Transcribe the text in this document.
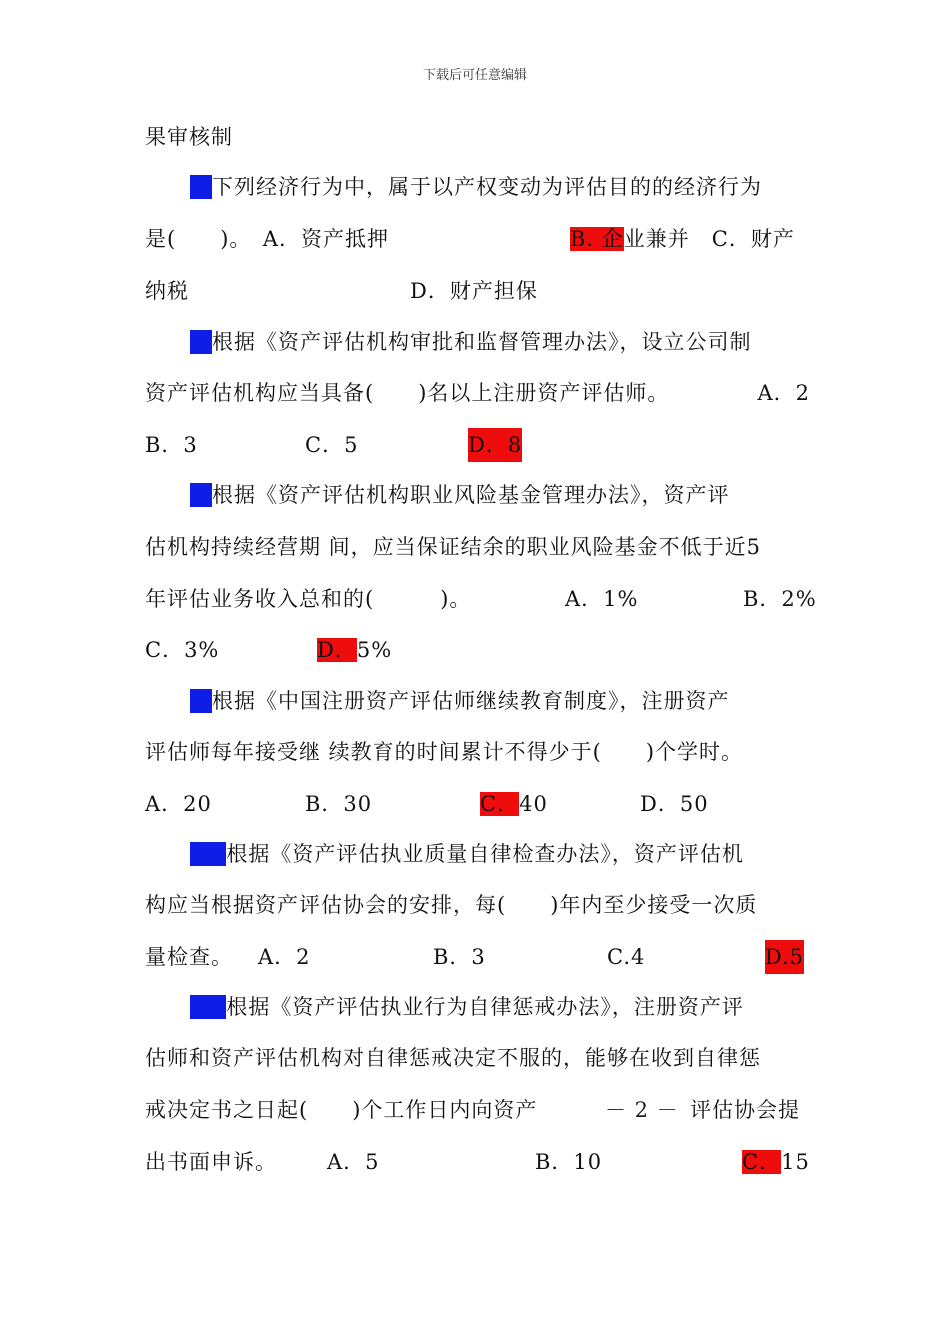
下载后可任意编辑
果审核制
6.下列经济行为中，属于以产权变动为评估目的的经济行为
是(　　)。　A．资产抵押	B. 企业兼并　C．财产
纳税	D．财产担保
7.根据《资产评估机构审批和监督管理办法》，设立公司制
资产评估机构应当具备(　　)名以上注册资产评估师。	A．2
B．3	C．5	D．8
8.根据《资产评估机构职业风险基金管理办法》，资产评
估机构持续经营期 间，应当保证结余的职业风险基金不低于近5
年评估业务收入总和的(　　　)。	A．1%	B．2%
C．3%	D．5%
9.根据《中国注册资产评估师继续教育制度》，注册资产
评估师每年接受继 续教育的时间累计不得少于(　　)个学时。
A．20	B．30	C．40	D．50
10.根据《资产评估执业质量自律检查办法》，资产评估机
构应当根据资产评估协会的安排，每(　　)年内至少接受一次质
量检查。 A．2	B．3	C.4	D.5
11.根据《资产评估执业行为自律惩戒办法》，注册资产评
估师和资产评估机构对自律惩戒决定不服的，能够在收到自律惩
戒决定书之日起(　　)个工作日内向资产	－ 2 － 评估协会提
出书面申诉。 A．5	B．10	C．15
